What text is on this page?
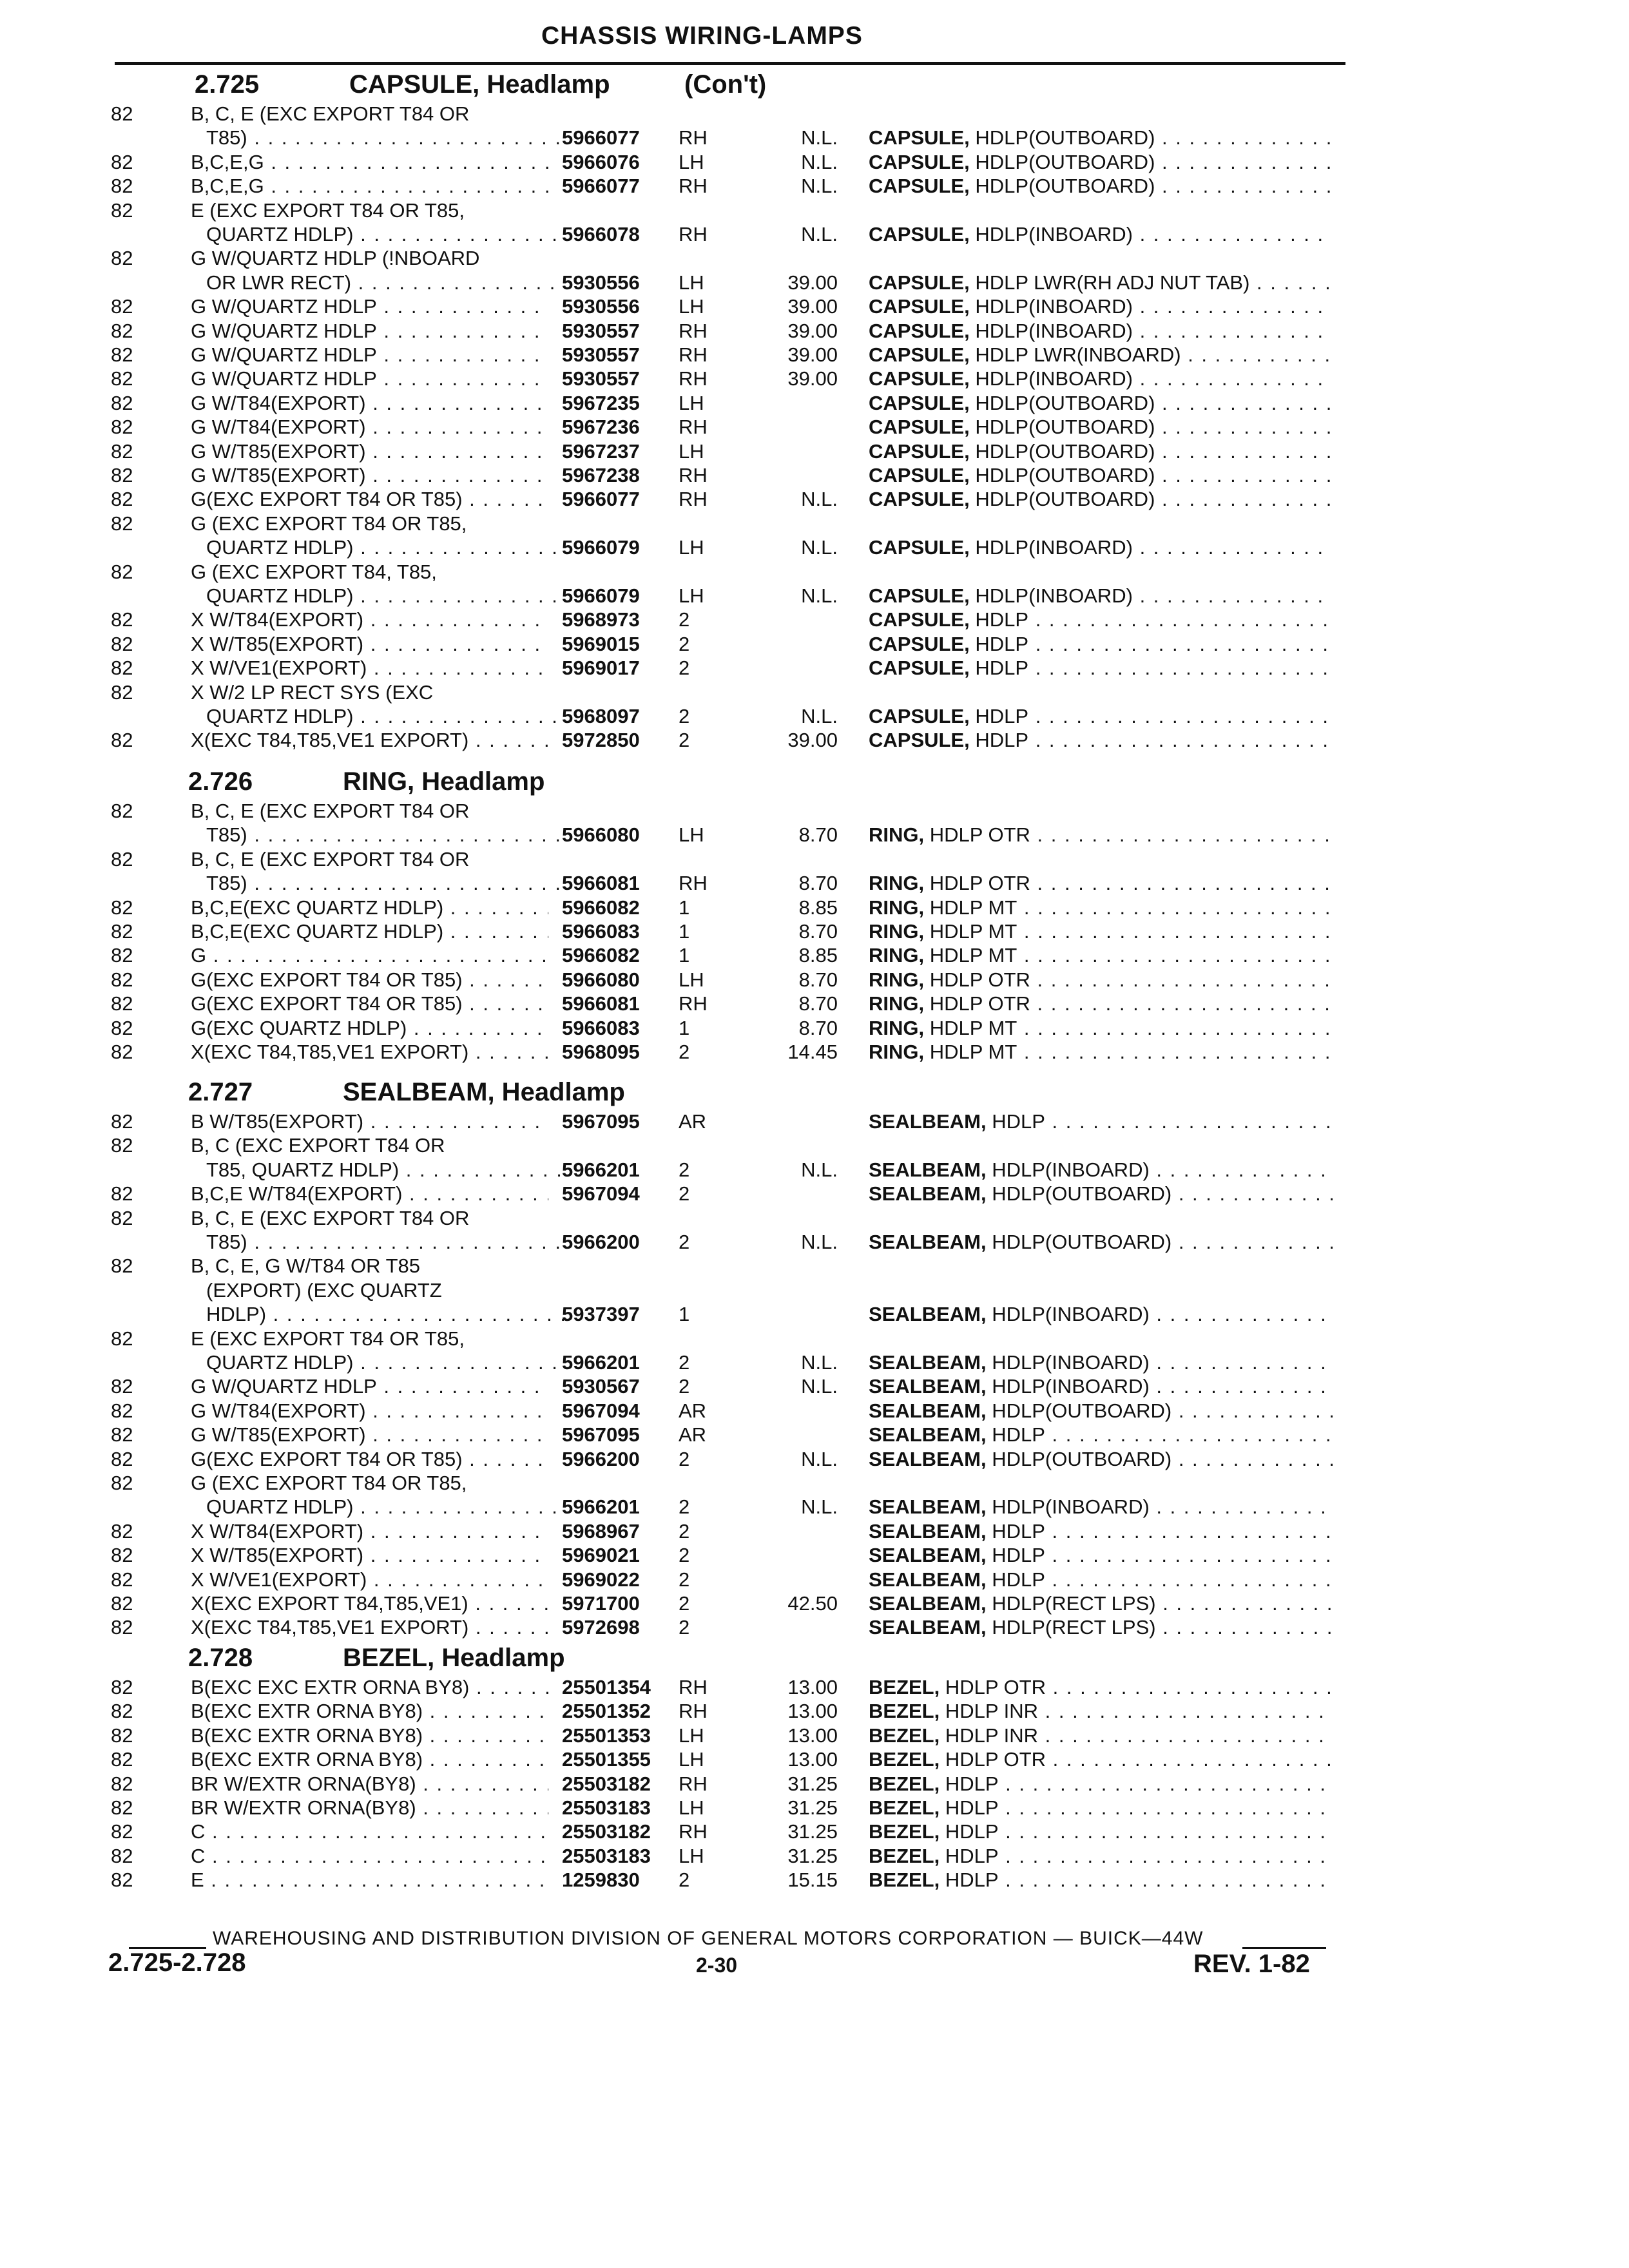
CHASSIS WIRING-LAMPS
2.725	CAPSULE, Headlamp	(Con't)
82	B, C, E (EXC EXPORT T84 OR
T85) . . .	5966077	RH	N.L. CAPSULE, HDLP(OUTBOARD) . . .
82	B,C,E,G . . .	5966076	LH	N.L. CAPSULE, HDLP(OUTBOARD) . . .
82	B,C,E,G . . .	5966077	RH	N.L. CAPSULE, HDLP(OUTBOARD) . . .
82	E (EXC EXPORT T84 OR T85,
QUARTZ HDLP) . . .	5966078	RH	N.L. CAPSULE, HDLP(INBOARD) . . .
82	G W/QUARTZ HDLP (!NBOARD
OR LWR RECT) . . .	5930556	LH	39.00 CAPSULE, HDLP LWR(RH ADJ NUT TAB) . . .
82	G W/QUARTZ HDLP . . .	5930556	LH	39.00 CAPSULE, HDLP(INBOARD) . . .
82	G W/QUARTZ HDLP . . .	5930557	RH	39.00 CAPSULE, HDLP(INBOARD) . . .
82	G W/QUARTZ HDLP . . .	5930557	RH	39.00 CAPSULE, HDLP LWR(INBOARD) . . .
82	G W/QUARTZ HDLP . . .	5930557	RH	39.00 CAPSULE, HDLP(INBOARD) . . .
82	G W/T84(EXPORT) . . .	5967235	LH	CAPSULE, HDLP(OUTBOARD) . . .
82	G W/T84(EXPORT) . . .	5967236	RH	CAPSULE, HDLP(OUTBOARD) . . .
82	G W/T85(EXPORT) . . .	5967237	LH	CAPSULE, HDLP(OUTBOARD) . . .
82	G W/T85(EXPORT) . . .	5967238	RH	CAPSULE, HDLP(OUTBOARD) . . .
82	G(EXC EXPORT T84 OR T85) . . .	5966077	RH	N.L. CAPSULE, HDLP(OUTBOARD) . . .
82	G (EXC EXPORT T84 OR T85,
QUARTZ HDLP) . . .	5966079	LH	N.L. CAPSULE, HDLP(INBOARD) . . .
82	G (EXC EXPORT T84, T85,
QUARTZ HDLP) . . .	5966079	LH	N.L. CAPSULE, HDLP(INBOARD) . . .
82	X W/T84(EXPORT) . . .	5968973	2	CAPSULE, HDLP . . .
82	X W/T85(EXPORT) . . .	5969015	2	CAPSULE, HDLP . . .
82	X W/VE1(EXPORT) . . .	5969017	2	CAPSULE, HDLP . . .
82	X W/2 LP RECT SYS (EXC
QUARTZ HDLP) . . .	5968097	2	N.L. CAPSULE, HDLP . . .
82	X(EXC T84,T85,VE1 EXPORT) . . .	5972850	2	39.00 CAPSULE, HDLP . . .
2.726	RING, Headlamp
82	B, C, E (EXC EXPORT T84 OR
T85) . . .	5966080	LH	8.70 RING, HDLP OTR . . .
82	B, C, E (EXC EXPORT T84 OR
T85) . . .	5966081	RH	8.70 RING, HDLP OTR . . .
82	B,C,E(EXC QUARTZ HDLP) . . .	5966082	1	8.85 RING, HDLP MT . . .
82	B,C,E(EXC QUARTZ HDLP) . . .	5966083	1	8.70 RING, HDLP MT . . .
82	G . . .	5966082	1	8.85 RING, HDLP MT . . .
82	G(EXC EXPORT T84 OR T85) . . .	5966080	LH	8.70 RING, HDLP OTR . . .
82	G(EXC EXPORT T84 OR T85) . . .	5966081	RH	8.70 RING, HDLP OTR . . .
82	G(EXC QUARTZ HDLP) . . .	5966083	1	8.70 RING, HDLP MT . . .
82	X(EXC T84,T85,VE1 EXPORT) . . .	5968095	2	14.45 RING, HDLP MT . . .
2.727	SEALBEAM, Headlamp
82	B W/T85(EXPORT) . . .	5967095	AR	SEALBEAM, HDLP . . .
82	B, C (EXC EXPORT T84 OR
T85, QUARTZ HDLP) . . .	5966201	2	N.L. SEALBEAM, HDLP(INBOARD) . . .
82	B,C,E W/T84(EXPORT) . . .	5967094	2	SEALBEAM, HDLP(OUTBOARD) . . .
82	B, C, E (EXC EXPORT T84 OR
T85) . . .	5966200	2	N.L. SEALBEAM, HDLP(OUTBOARD) . . .
82	B, C, E, G W/T84 OR T85
(EXPORT) (EXC QUARTZ
HDLP) . . .	5937397	1	SEALBEAM, HDLP(INBOARD) . . .
82	E (EXC EXPORT T84 OR T85,
QUARTZ HDLP) . . .	5966201	2	N.L. SEALBEAM, HDLP(INBOARD) . . .
82	G W/QUARTZ HDLP . . .	5930567	2	N.L. SEALBEAM, HDLP(INBOARD) . . .
82	G W/T84(EXPORT) . . .	5967094	AR	SEALBEAM, HDLP(OUTBOARD) . . .
82	G W/T85(EXPORT) . . .	5967095	AR	SEALBEAM, HDLP . . .
82	G(EXC EXPORT T84 OR T85) . . .	5966200	2	N.L. SEALBEAM, HDLP(OUTBOARD) . . .
82	G (EXC EXPORT T84 OR T85,
QUARTZ HDLP) . . .	5966201	2	N.L. SEALBEAM, HDLP(INBOARD) . . .
82	X W/T84(EXPORT) . . .	5968967	2	SEALBEAM, HDLP . . .
82	X W/T85(EXPORT) . . .	5969021	2	SEALBEAM, HDLP . . .
82	X W/VE1(EXPORT) . . .	5969022	2	SEALBEAM, HDLP . . .
82	X(EXC EXPORT T84,T85,VE1) . . .	5971700	2	42.50 SEALBEAM, HDLP(RECT LPS) . . .
82	X(EXC T84,T85,VE1 EXPORT) . . .	5972698	2	SEALBEAM, HDLP(RECT LPS) . . .
2.728	BEZEL, Headlamp
82	B(EXC EXC EXTR ORNA BY8) . . .	25501354	RH	13.00 BEZEL, HDLP OTR . . .
82	B(EXC EXTR ORNA BY8) . . .	25501352	RH	13.00 BEZEL, HDLP INR . . .
82	B(EXC EXTR ORNA BY8) . . .	25501353	LH	13.00 BEZEL, HDLP INR . . .
82	B(EXC EXTR ORNA BY8) . . .	25501355	LH	13.00 BEZEL, HDLP OTR . . .
82	BR W/EXTR ORNA(BY8) . . .	25503182	RH	31.25 BEZEL, HDLP . . .
82	BR W/EXTR ORNA(BY8) . . .	25503183	LH	31.25 BEZEL, HDLP . . .
82	C . . .	25503182	RH	31.25 BEZEL, HDLP . . .
82	C . . .	25503183	LH	31.25 BEZEL, HDLP . . .
82	E . . .	1259830	2	15.15 BEZEL, HDLP . . .
WAREHOUSING AND DISTRIBUTION DIVISION OF GENERAL MOTORS CORPORATION — BUICK—44W
2.725-2.728	2-30	REV. 1-82
